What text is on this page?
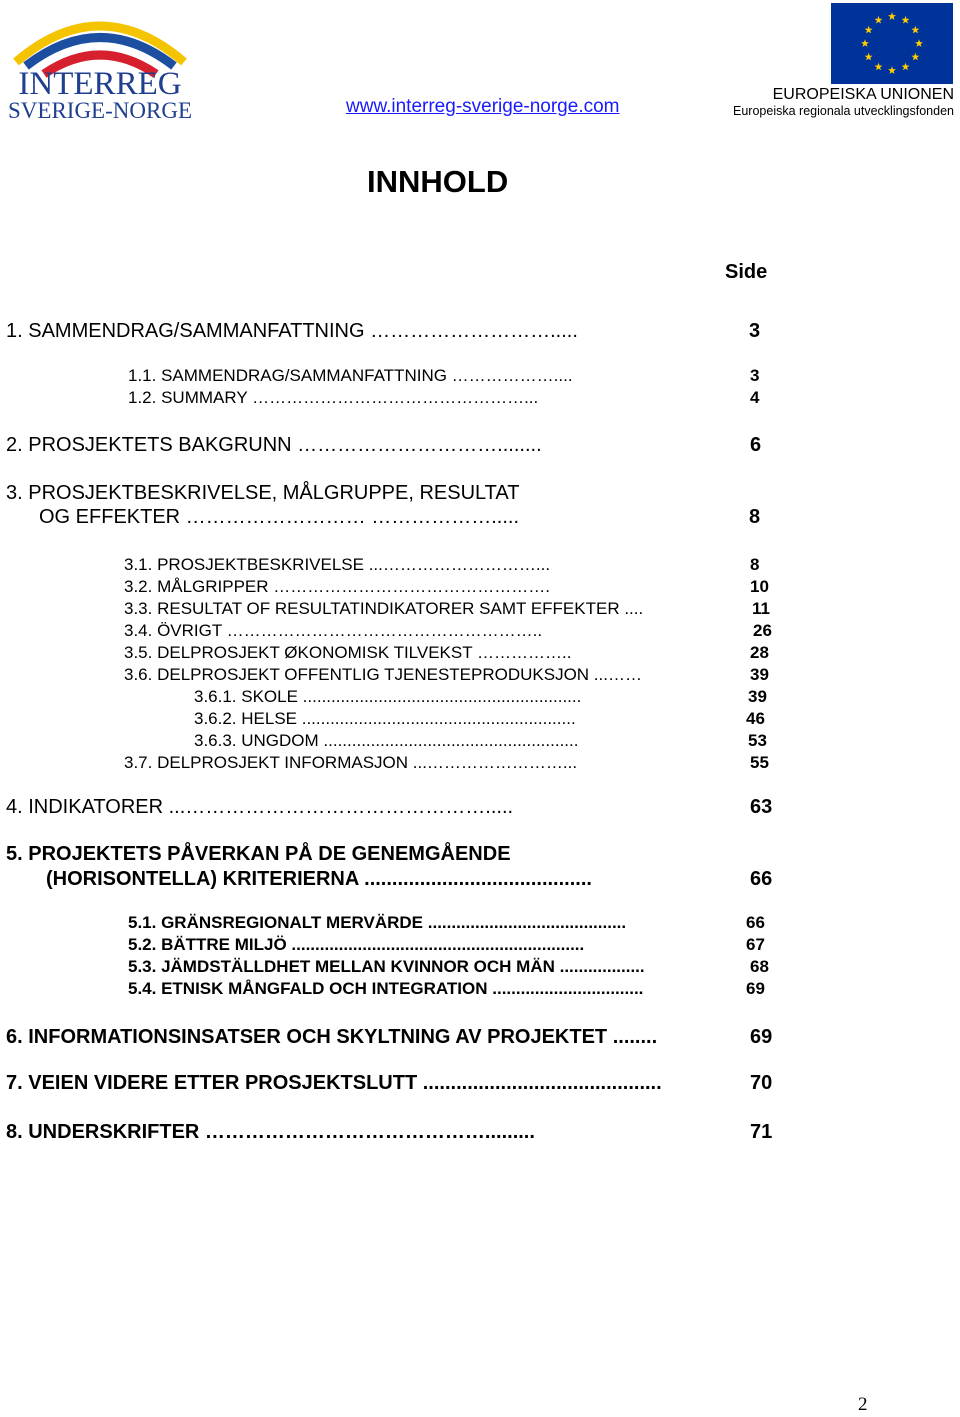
INTERREG
SVERIGE-NORGE	www.interreg-sverige-norge.com
EUROPEISKA UNIONEN
Europeiska regionala utvecklingsfonden
INNHOLD
Side
1. SAMMENDRAG/SAMMANFATTNING ……………………….....	3
1.1. SAMMENDRAG/SAMMANFATTNING ………………....	3
1.2. SUMMARY …………………………………………...	4
2. PROSJEKTETS BAKGRUNN …………………………........	6
3. PROSJEKTBESKRIVELSE, MÅLGRUPPE, RESULTAT
OG EFFEKTER ……………………… ……………….....	8
3.1. PROSJEKTBESKRIVELSE ...………………………...	8
3.2. MÅLGRIPPER ………………………………………….	10
3.3. RESULTAT OF RESULTATINDIKATORER SAMT EFFEKTER ....	11
3.4. ÖVRIGT ………………………………………………..	26
3.5. DELPROSJEKT ØKONOMISK TILVEKST ……………..	28
3.6. DELPROSJEKT OFFENTLIG TJENESTEPRODUKSJON ...……	39
3.6.1. SKOLE ...........................................................	39
3.6.2. HELSE ..........................................................	46
3.6.3. UNGDOM ......................................................	53
3.7. DELPROSJEKT INFORMASJON ...……………………...	55
4. INDIKATORER ...……………………………………….....	63
5. PROJEKTETS PÅVERKAN PÅ DE GENEMGÅENDE
(HORISONTELLA) KRITERIERNA .........................................	66
5.1. GRÄNSREGIONALT MERVÄRDE ..........................................	66
5.2. BÄTTRE MILJÖ ..............................................................	67
5.3. JÄMDSTÄLLDHET MELLAN KVINNOR OCH MÄN ..................	68
5.4. ETNISK MÅNGFALD OCH INTEGRATION ................................	69
6. INFORMATIONSINSATSER OCH SKYLTNING AV PROJEKTET ........	69
7. VEIEN VIDERE ETTER PROSJEKTSLUTT ...........................................	70
8. UNDERSKRIFTER …………………………………….........	71
2
